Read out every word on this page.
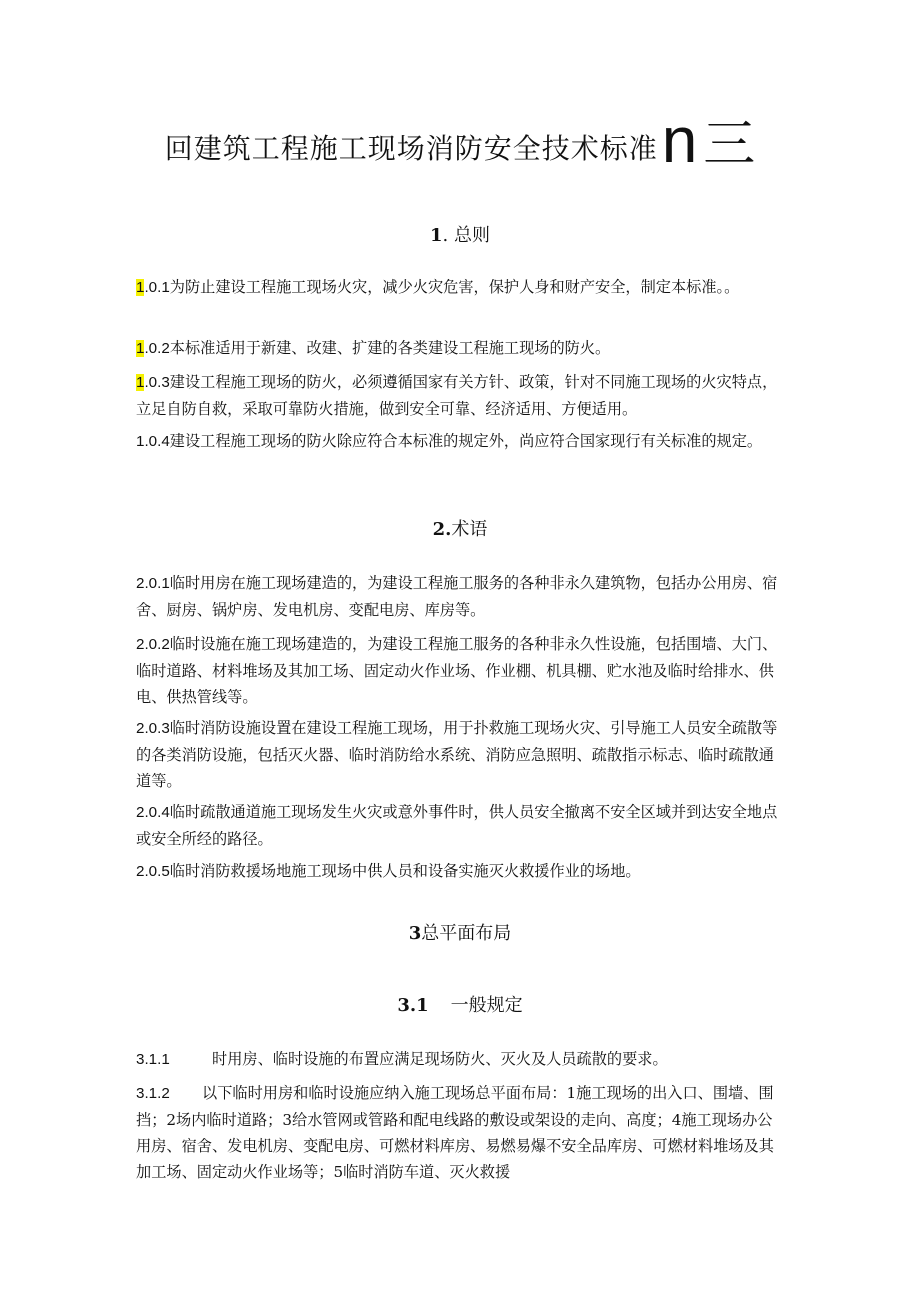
回建筑工程施工现场消防安全技术标准n 三
1. 总则

1.0.1为防止建设工程施工现场火灾，减少火灾危害，保护人身和财产安全，制定本标准。。

1.0.2本标准适用于新建、改建、扩建的各类建设工程施工现场的防火。

1.0.3建设工程施工现场的防火，必须遵循国家有关方针、政策，针对不同施工现场的火灾特点，立足自防自救，采取可靠防火措施，做到安全可靠、经济适用、方便适用。

1.0.4建设工程施工现场的防火除应符合本标准的规定外，尚应符合国家现行有关标准的规定。

2.术语

2.0.1临时用房在施工现场建造的，为建设工程施工服务的各种非永久建筑物，包括办公用房、宿舍、厨房、锅炉房、发电机房、变配电房、库房等。

2.0.2临时设施在施工现场建造的，为建设工程施工服务的各种非永久性设施，包括围墙、大门、临时道路、材料堆场及其加工场、固定动火作业场、作业棚、机具棚、贮水池及临时给排水、供电、供热管线等。

2.0.3临时消防设施设置在建设工程施工现场，用于扑救施工现场火灾、引导施工人员安全疏散等的各类消防设施，包括灭火器、临时消防给水系统、消防应急照明、疏散指示标志、临时疏散通道等。

2.0.4临时疏散通道施工现场发生火灾或意外事件时，供人员安全撤离不安全区域并到达安全地点或安全所经的路径。

2.0.5临时消防救援场地施工现场中供人员和设备实施灭火救援作业的场地。

3总平面布局
3.1 一般规定

3.1.1	时用房、临时设施的布置应满足现场防火、灭火及人员疏散的要求。

3.1.2 以下临时用房和临时设施应纳入施工现场总平面布局：1施工现场的出入口、围墙、围挡；2场内临时道路；3给水管网或管路和配电线路的敷设或架设的走向、高度；4施工现场办公用房、宿舍、发电机房、变配电房、可燃材料库房、易燃易爆不安全品库房、可燃材料堆场及其加工场、固定动火作业场等；5临时消防车道、灭火救援
